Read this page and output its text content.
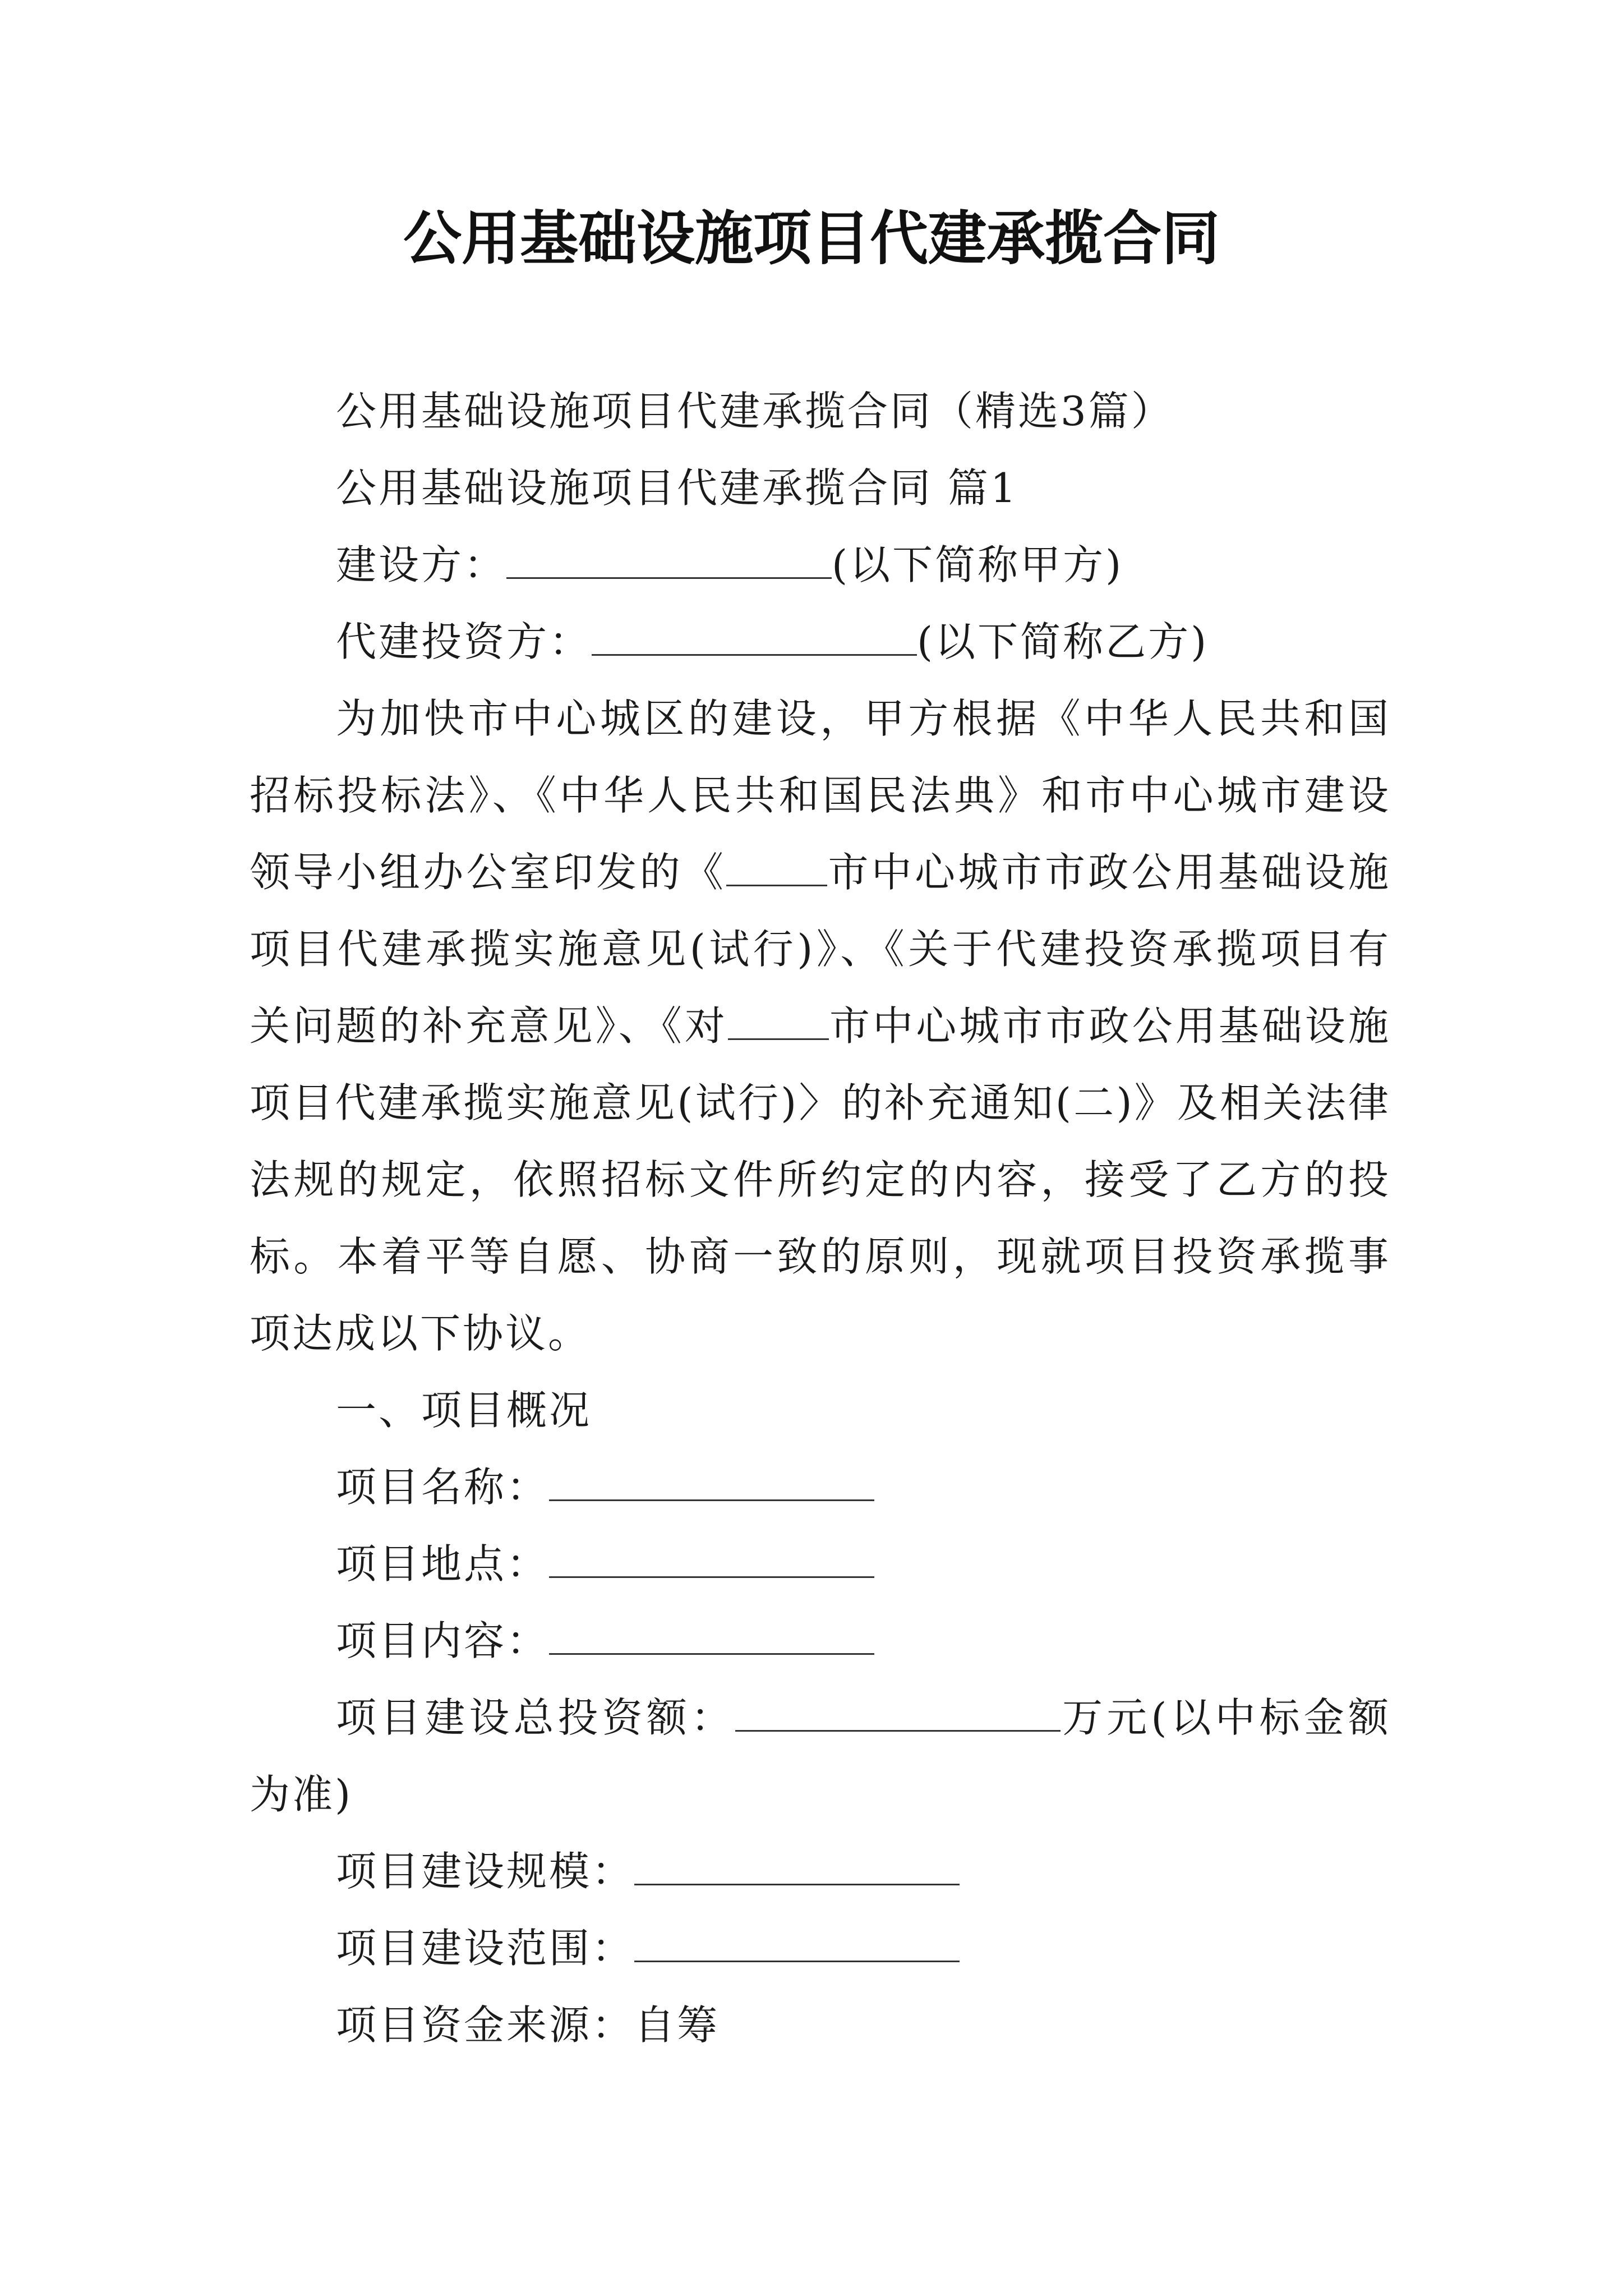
公用基础设施项目代建承揽合同

公用基础设施项目代建承揽合同（精选3篇）

公用基础设施项目代建承揽合同 篇1

建设方：	(以下简称甲方)

代建投资方：	(以下简称乙方)

为加快市中心城区的建设，甲方根据《中华人民共和国招标投标法》、《中华人民共和国民法典》和市中心城市建设领导小组办公室印发的《	市中心城市市政公用基础设施项目代建承揽实施意见(试行)》、《关于代建投资承揽项目有关问题的补充意见》、《对	市中心城市市政公用基础设施项目代建承揽实施意见(试行)〉的补充通知(二)》及相关法律法规的规定，依照招标文件所约定的内容，接受了乙方的投标。本着平等自愿、协商一致的原则，现就项目投资承揽事项达成以下协议。

一、项目概况

项目名称：

项目地点：

项目内容：

项目建设总投资额：	万元(以中标金额为准)

项目建设规模：

项目建设范围：

项目资金来源：自筹
